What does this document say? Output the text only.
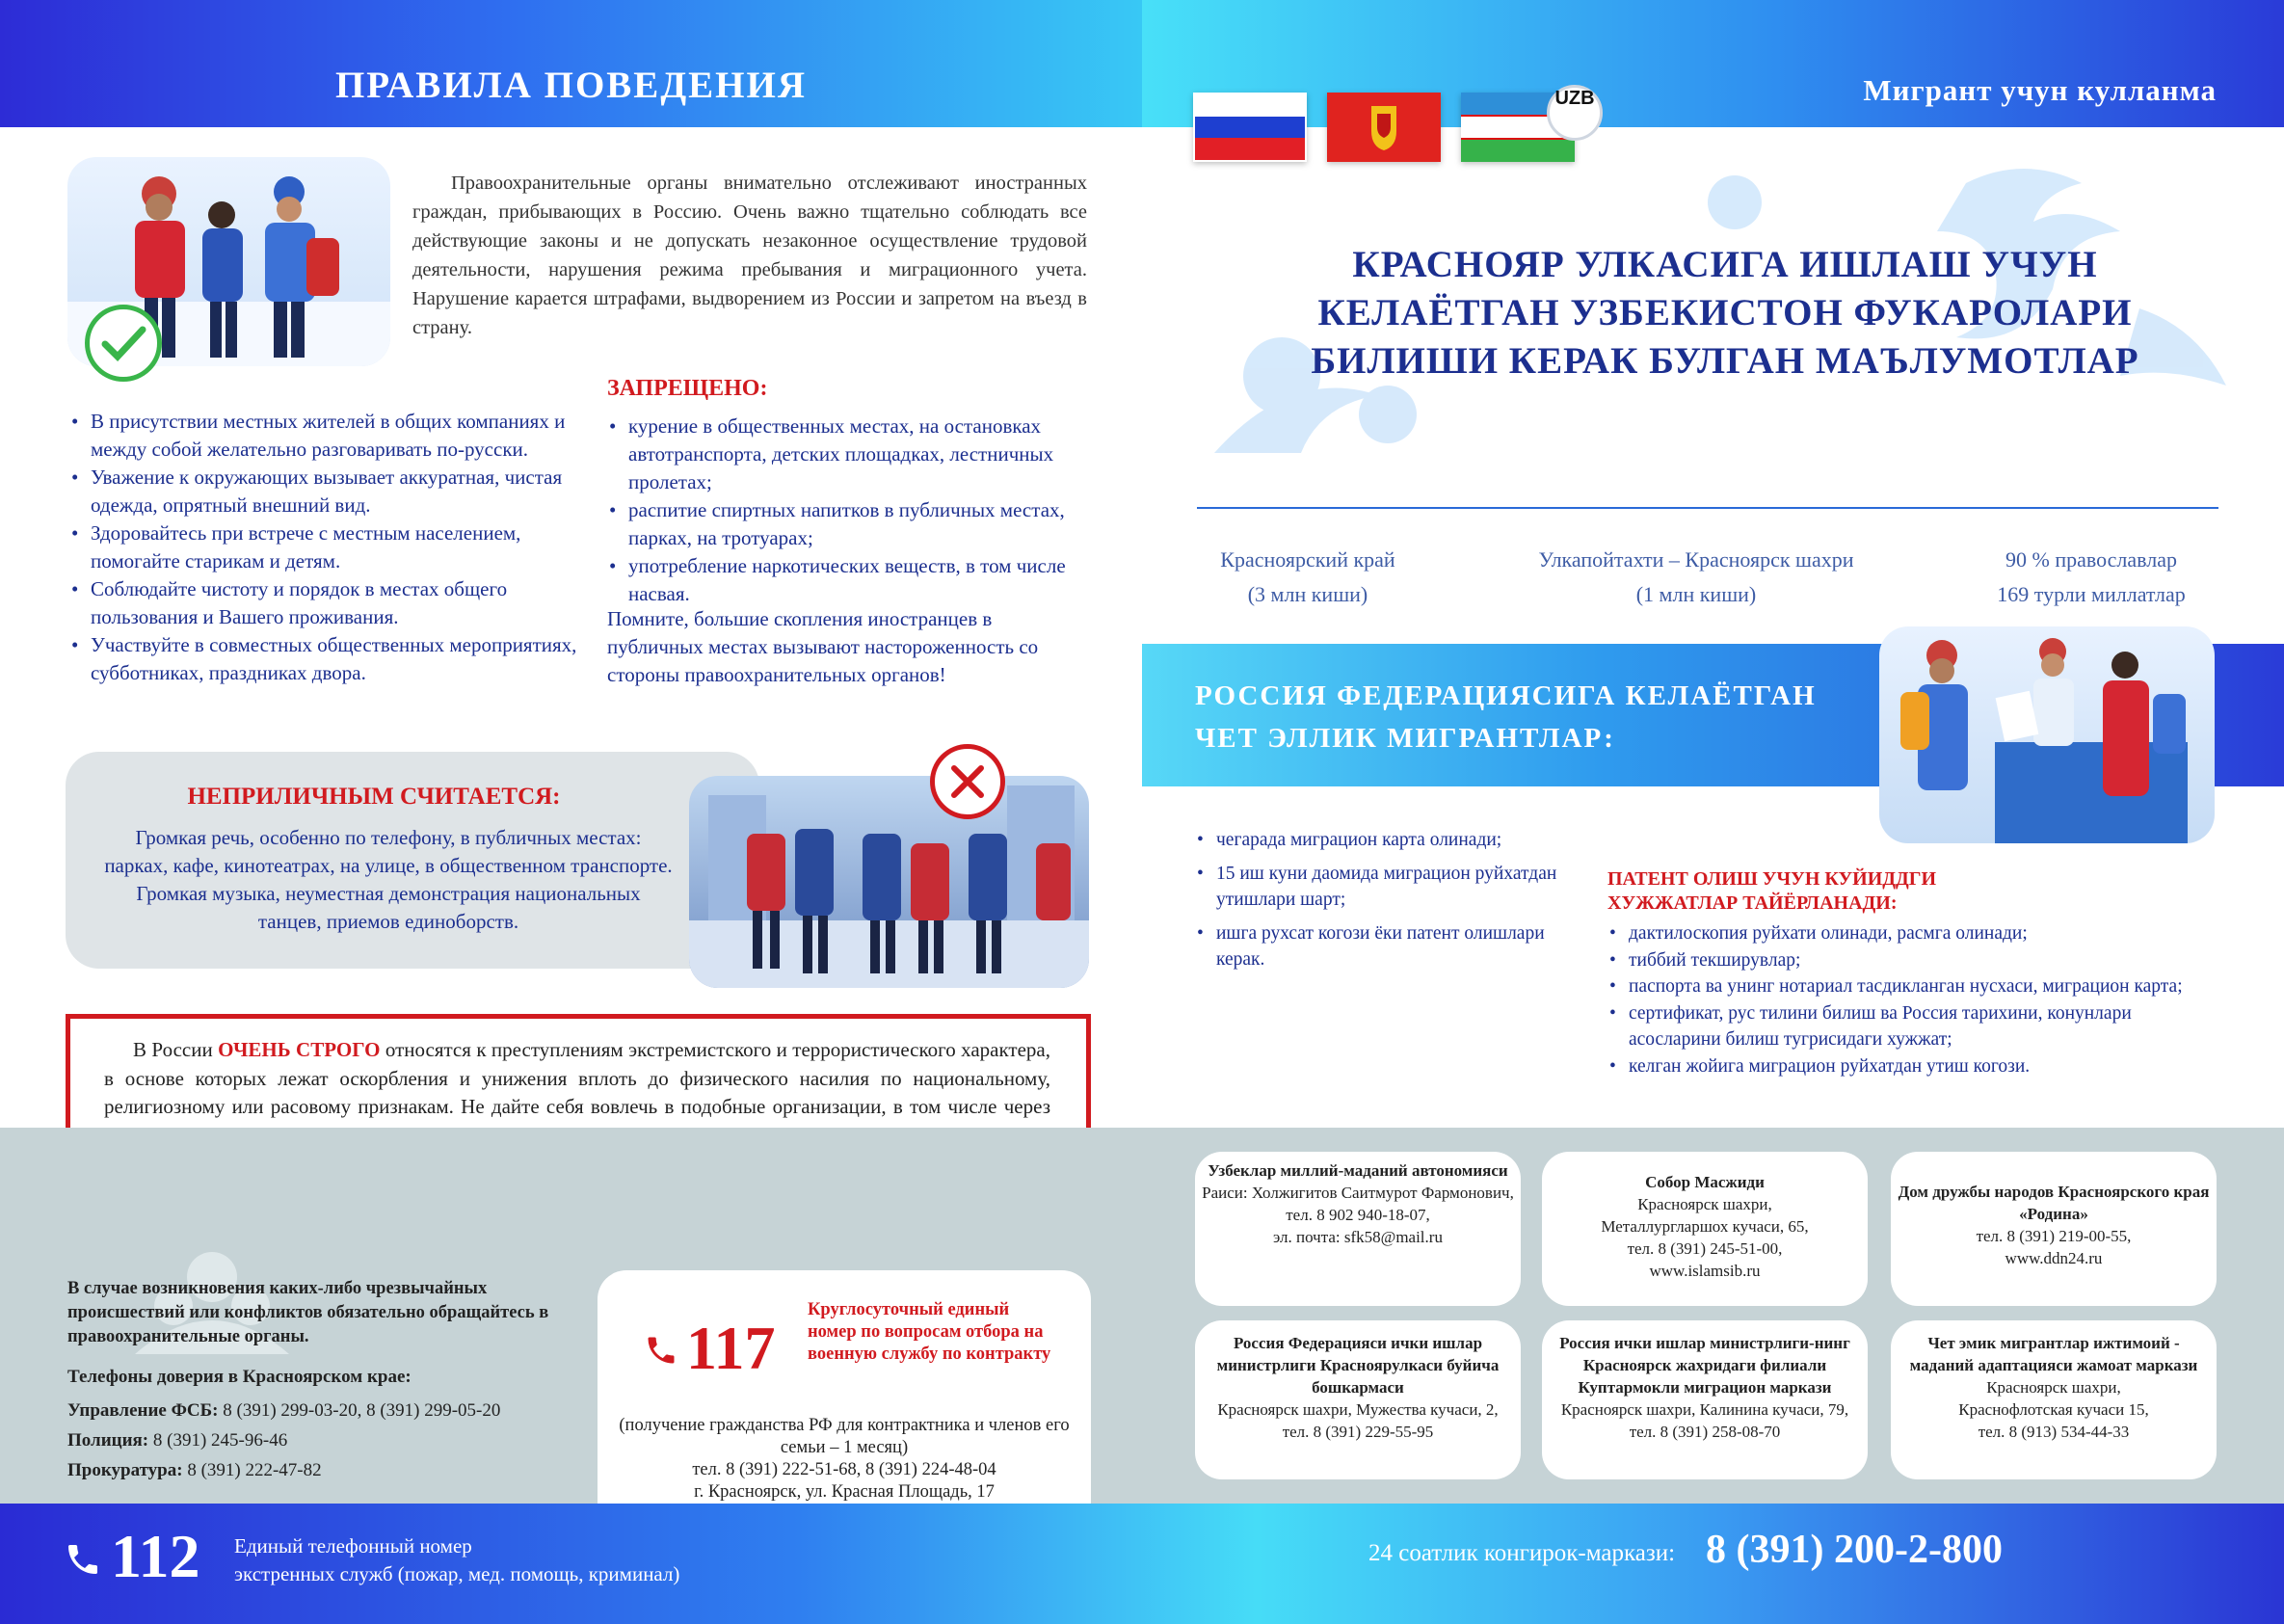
ПРАВИЛА ПОВЕДЕНИЯ	Мигрант учун кулланма
UZB
Правоохранительные органы внимательно отслеживают иностранных граждан, прибывающих в Россию. Очень важно тщательно соблюдать все действующие законы и не допускать незаконное осуществление трудовой деятельности, нарушения режима пребывания и миграционного учета. Нарушение карается штрафами, выдворением из России и запретом на въезд в страну.
• В присутствии местных жителей в общих компаниях и между собой желательно разговаривать по-русски.
• Уважение к окружающих вызывает аккуратная, чистая одежда, опрятный внешний вид.
• Здоровайтесь при встрече с местным населением, помогайте старикам и детям.
• Соблюдайте чистоту и порядок в местах общего пользования и Вашего проживания.
• Участвуйте в совместных общественных мероприятиях, субботниках, праздниках двора.
ЗАПРЕЩЕНО:
• курение в общественных местах, на остановках автотранспорта, детских площадках, лестничных пролетах;
• распитие спиртных напитков в публичных местах, парках, на тротуарах;
• употребление наркотических веществ, в том числе насвая.
Помните, большие скопления иностранцев в публичных местах вызывают настороженность со стороны правоохранительных органов!
НЕПРИЛИЧНЫМ СЧИТАЕТСЯ:
Громкая речь, особенно по телефону, в публичных местах: парках, кафе, кинотеатрах, на улице, в общественном транспорте. Громкая музыка, неуместная демонстрация национальных танцев, приемов единоборств.
В России ОЧЕНЬ СТРОГО относятся к преступлениям экстремистского и террористического характера, в основе которых лежат оскорбления и унижения вплоть до физического насилия по национальному, религиозному или расовому признакам. Не дайте себя вовлечь в подобные организации, в том числе через
В случае возникновения каких-либо чрезвычайных происшествий или конфликтов обязательно обращайтесь в правоохранительные органы.
Телефоны доверия в Красноярском крае:
Управление ФСБ: 8 (391) 299-03-20, 8 (391) 299-05-20
Полиция: 8 (391) 245-96-46
Прокуратура: 8 (391) 222-47-82
117
Круглосуточный единый номер по вопросам отбора на военную службу по контракту
(получение гражданства РФ для контрактника и членов его семьи – 1 месяц)
тел. 8 (391) 222-51-68, 8 (391) 224-48-04
г. Красноярск, ул. Красная Площадь, 17
КРАСНОЯР УЛКАСИГА ИШЛАШ УЧУН КЕЛАЁТГАН УЗБЕКИСТОН ФУКАРОЛАРИ БИЛИШИ КЕРАК БУЛГАН МАЪЛУМОТЛАР
Красноярский край
(3 млн киши)
Улкапойтахти – Красноярск шахри
(1 млн киши)
90 % православлар
169 турли миллатлар
РОССИЯ ФЕДЕРАЦИЯСИГА КЕЛАЁТГАН
ЧЕТ ЭЛЛИК МИГРАНТЛАР:
• чегарада миграцион карта олинади;
• 15 иш куни даомида миграцион руйхатдан утишлари шарт;
• ишга рухсат когози ёки патент олишлари керак.
ПАТЕНТ ОЛИШ УЧУН КУЙИДДГИ ХУЖЖАТЛАР ТАЙЁРЛАНАДИ:
• дактилоскопия руйхати олинади, расмга олинади;
• тиббий текширувлар;
• паспорта ва унинг нотариал тасдикланган нусхаси, миграцион карта;
• сертификат, рус тилини билиш ва Россия тарихини, конунлари асосларини билиш тугрисидаги хужжат;
• келган жойига миграцион руйхатдан утиш когози.
Узбеклар миллий-маданий автономияси
Раиси: Холжигитов Саитмурот Фармонович,
тел. 8 902 940-18-07,
эл. почта: sfk58@mail.ru
Собор Масжиди
Красноярск шахри,
Металлургларшох кучаси, 65,
тел. 8 (391) 245-51-00,
www.islamsib.ru
Дом дружбы народов Красноярского края «Родина»
тел. 8 (391) 219-00-55,
www.ddn24.ru
Россия Федерацияси ички ишлар министрлиги Красноярулкаси буйича бошкармаси
Красноярск шахри, Мужества кучаси, 2,
тел. 8 (391) 229-55-95
Россия ички ишлар министрлиги-нинг Красноярск жахридаги филиали Куптармокли миграцион маркази
Красноярск шахри, Калинина кучаси, 79,
тел. 8 (391) 258-08-70
Чет эмик мигрантлар ижтимоий - маданий адаптацияси жамоат маркази
Красноярск шахри,
Краснофлотская кучаси 15,
тел. 8 (913) 534-44-33
112 Единый телефонный номер
экстренных служб (пожар, мед. помощь, криминал)
24 соатлик конгирок-маркази: 8 (391) 200-2-800
